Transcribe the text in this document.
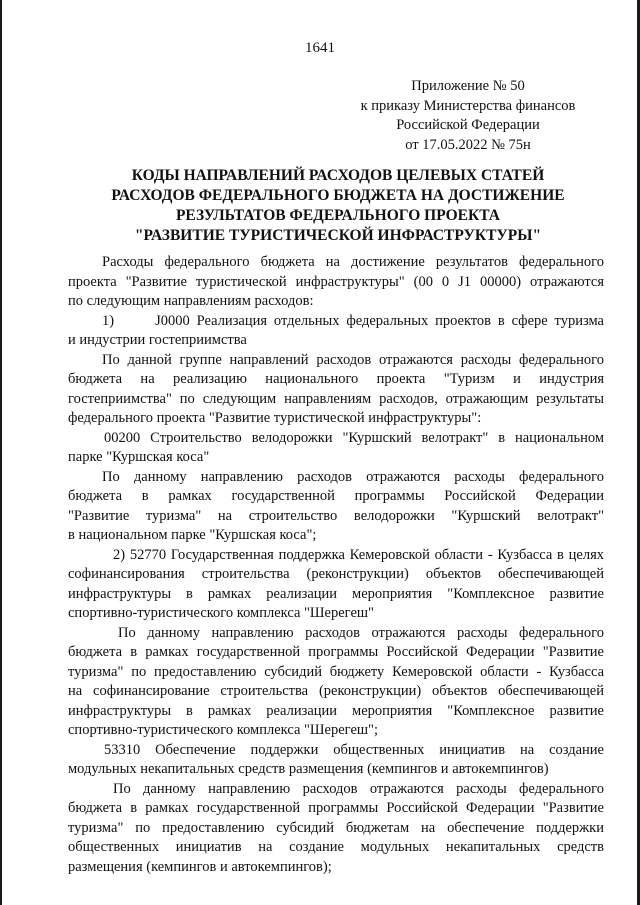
1641
Приложение № 50
к приказу Министерства финансов
Российской Федерации
от 17.05.2022 № 75н
КОДЫ НАПРАВЛЕНИЙ РАСХОДОВ ЦЕЛЕВЫХ СТАТЕЙ
РАСХОДОВ ФЕДЕРАЛЬНОГО БЮДЖЕТА НА ДОСТИЖЕНИЕ
РЕЗУЛЬТАТОВ ФЕДЕРАЛЬНОГО ПРОЕКТА
"РАЗВИТИЕ ТУРИСТИЧЕСКОЙ ИНФРАСТРУКТУРЫ"
Расходы федерального бюджета на достижение результатов федерального
проекта "Развитие туристической инфраструктуры" (00 0 J1 00000) отражаются
по следующим направлениям расходов:
1)      J0000 Реализация отдельных федеральных проектов в сфере туризма
и индустрии гостеприимства
По данной группе направлений расходов отражаются расходы федерального
бюджета на реализацию национального проекта "Туризм и индустрия
гостеприимства" по следующим направлениям расходов, отражающим результаты
федерального проекта "Развитие туристической инфраструктуры":
00200 Строительство велодорожки "Куршский велотракт" в национальном
парке "Куршская коса"
По данному направлению расходов отражаются расходы федерального
бюджета в рамках государственной программы Российской Федерации
"Развитие туризма" на строительство велодорожки "Куршский велотракт"
в национальном парке "Куршская коса";
2) 52770 Государственная поддержка Кемеровской области - Кузбасса в целях
софинансирования строительства (реконструкции) объектов обеспечивающей
инфраструктуры в рамках реализации мероприятия "Комплексное развитие
спортивно-туристического комплекса "Шерегеш"
По данному направлению расходов отражаются расходы федерального
бюджета в рамках государственной программы Российской Федерации "Развитие
туризма" по предоставлению субсидий бюджету Кемеровской области - Кузбасса
на софинансирование строительства (реконструкции) объектов обеспечивающей
инфраструктуры в рамках реализации мероприятия "Комплексное развитие
спортивно-туристического комплекса "Шерегеш";
53310 Обеспечение поддержки общественных инициатив на создание
модульных некапитальных средств размещения (кемпингов и автокемпингов)
По данному направлению расходов отражаются расходы федерального
бюджета в рамках государственной программы Российской Федерации "Развитие
туризма" по предоставлению субсидий бюджетам на обеспечение поддержки
общественных инициатив на создание модульных некапитальных средств
размещения (кемпингов и автокемпингов);
